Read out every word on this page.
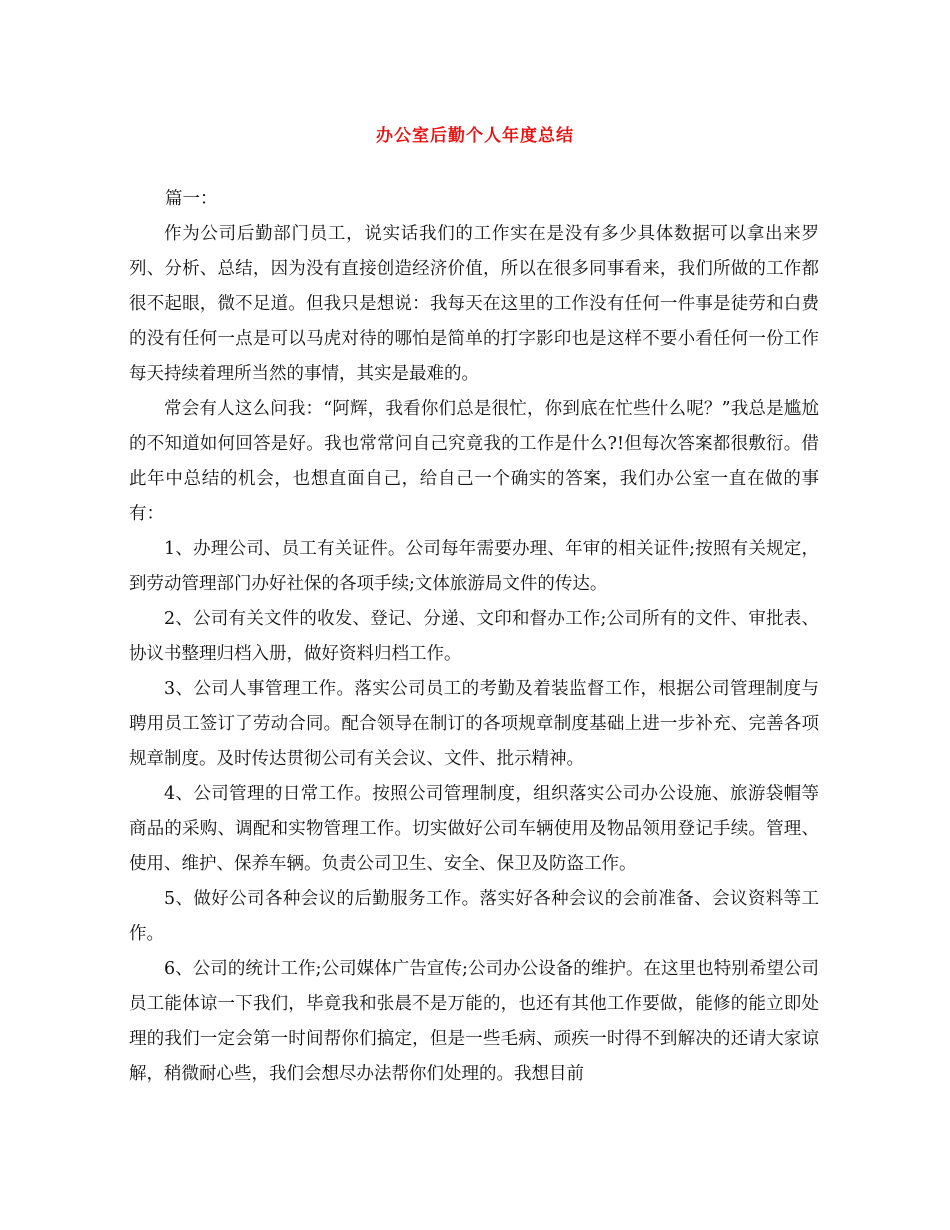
办公室后勤个人年度总结
篇一：

作为公司后勤部门员工，说实话我们的工作实在是没有多少具体数据可以拿出来罗列、分析、总结，因为没有直接创造经济价值，所以在很多同事看来，我们所做的工作都很不起眼，微不足道。但我只是想说：我每天在这里的工作没有任何一件事是徒劳和白费的没有任何一点是可以马虎对待的哪怕是简单的打字影印也是这样不要小看任何一份工作每天持续着理所当然的事情，其实是最难的。

常会有人这么问我：“阿辉，我看你们总是很忙，你到底在忙些什么呢？”我总是尴尬的不知道如何回答是好。我也常常问自己究竟我的工作是什么?!但每次答案都很敷衍。借此年中总结的机会，也想直面自己，给自己一个确实的答案，我们办公室一直在做的事有：

1、办理公司、员工有关证件。公司每年需要办理、年审的相关证件;按照有关规定，到劳动管理部门办好社保的各项手续;文体旅游局文件的传达。

2、公司有关文件的收发、登记、分递、文印和督办工作;公司所有的文件、审批表、协议书整理归档入册，做好资料归档工作。

3、公司人事管理工作。落实公司员工的考勤及着装监督工作，根据公司管理制度与聘用员工签订了劳动合同。配合领导在制订的各项规章制度基础上进一步补充、完善各项规章制度。及时传达贯彻公司有关会议、文件、批示精神。

4、公司管理的日常工作。按照公司管理制度，组织落实公司办公设施、旅游袋帽等商品的采购、调配和实物管理工作。切实做好公司车辆使用及物品领用登记手续。管理、使用、维护、保养车辆。负责公司卫生、安全、保卫及防盗工作。

5、做好公司各种会议的后勤服务工作。落实好各种会议的会前准备、会议资料等工作。

6、公司的统计工作;公司媒体广告宣传;公司办公设备的维护。在这里也特别希望公司员工能体谅一下我们，毕竟我和张晨不是万能的，也还有其他工作要做，能修的能立即处理的我们一定会第一时间帮你们搞定，但是一些毛病、顽疾一时得不到解决的还请大家谅解，稍微耐心些，我们会想尽办法帮你们处理的。我想目前
